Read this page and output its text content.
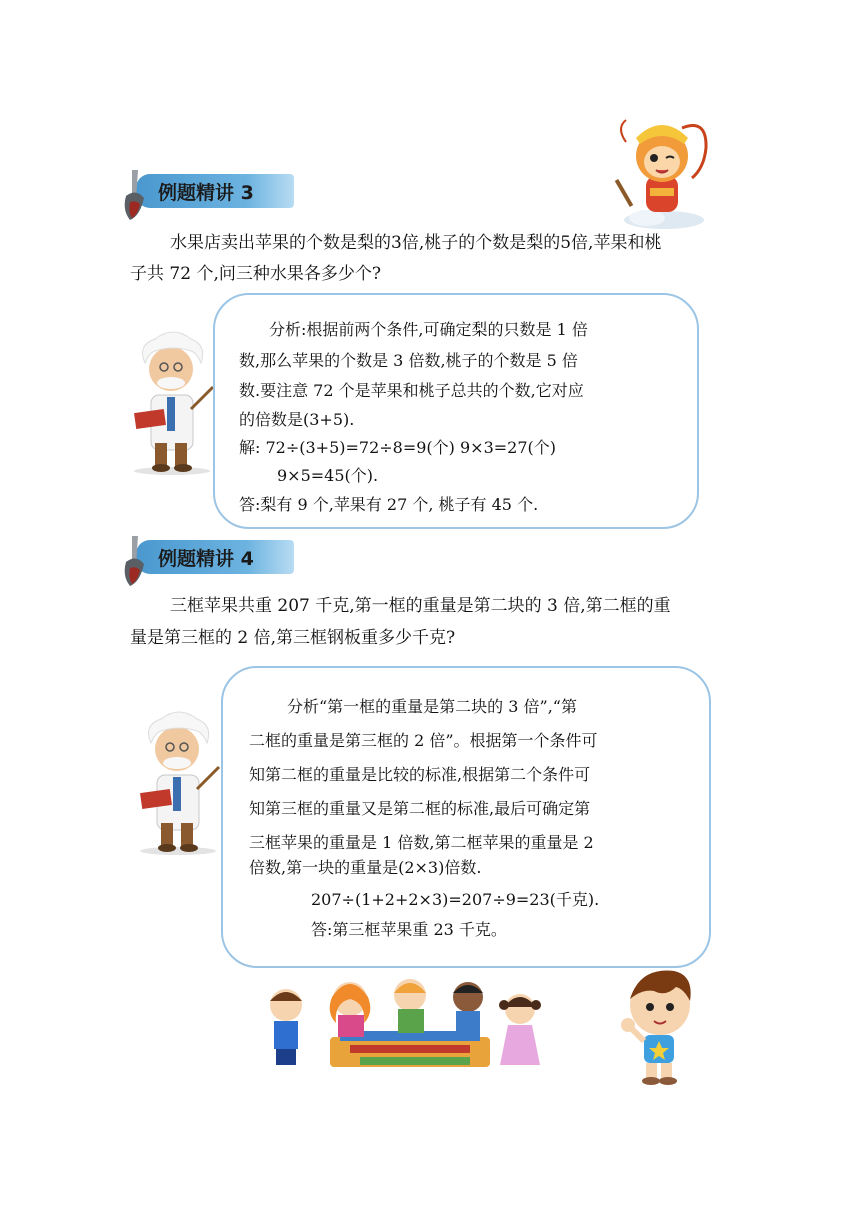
例题精讲 3
水果店卖出苹果的个数是梨的3倍,桃子的个数是梨的5倍,苹果和桃
子共 72 个,问三种水果各多少个?
分析:根据前两个条件,可确定梨的只数是 1 倍
数,那么苹果的个数是 3 倍数,桃子的个数是 5 倍
数.要注意 72 个是苹果和桃子总共的个数,它对应
的倍数是(3+5).
解: 72÷(3+5)=72÷8=9(个) 9×3=27(个)
9×5=45(个).
答:梨有 9 个,苹果有 27 个, 桃子有 45 个.
例题精讲 4
三框苹果共重 207 千克,第一框的重量是第二块的 3 倍,第二框的重
量是第三框的 2 倍,第三框钢板重多少千克?
分析“第一框的重量是第二块的 3 倍”,“第
二框的重量是第三框的 2 倍”。根据第一个条件可
知第二框的重量是比较的标准,根据第二个条件可
知第三框的重量又是第二框的标准,最后可确定第
三框苹果的重量是 1 倍数,第二框苹果的重量是 2
倍数,第一块的重量是(2×3)倍数.
207÷(1+2+2×3)=207÷9=23(千克).
答:第三框苹果重 23 千克。
